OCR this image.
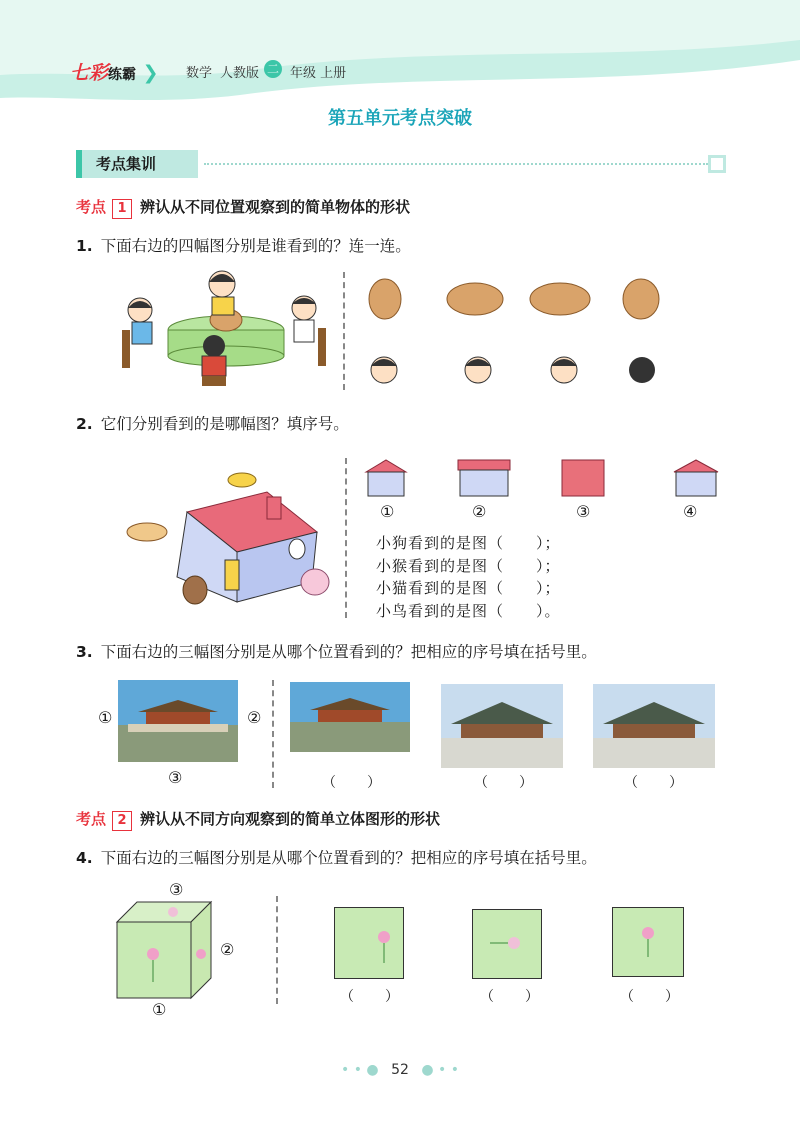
七彩练霸 ❯ 数学 人教版 二 年级 上册
第五单元考点突破
考点集训
考点 1 辨认从不同位置观察到的简单物体的形状
1. 下面右边的四幅图分别是谁看到的？连一连。
2. 它们分别看到的是哪幅图？填序号。
①	②	③	④
小狗看到的是图（　　）；
小猴看到的是图（　　）；
小猫看到的是图（　　）；
小鸟看到的是图（　　）。
3. 下面右边的三幅图分别是从哪个位置看到的？把相应的序号填在括号里。
①	②
③	（　　）	（　　）	（　　）
考点 2 辨认从不同方向观察到的简单立体图形的形状
4. 下面右边的三幅图分别是从哪个位置看到的？把相应的序号填在括号里。
③
②
①
（　　）	（　　）	（　　）
• • ● 52 ● • •
